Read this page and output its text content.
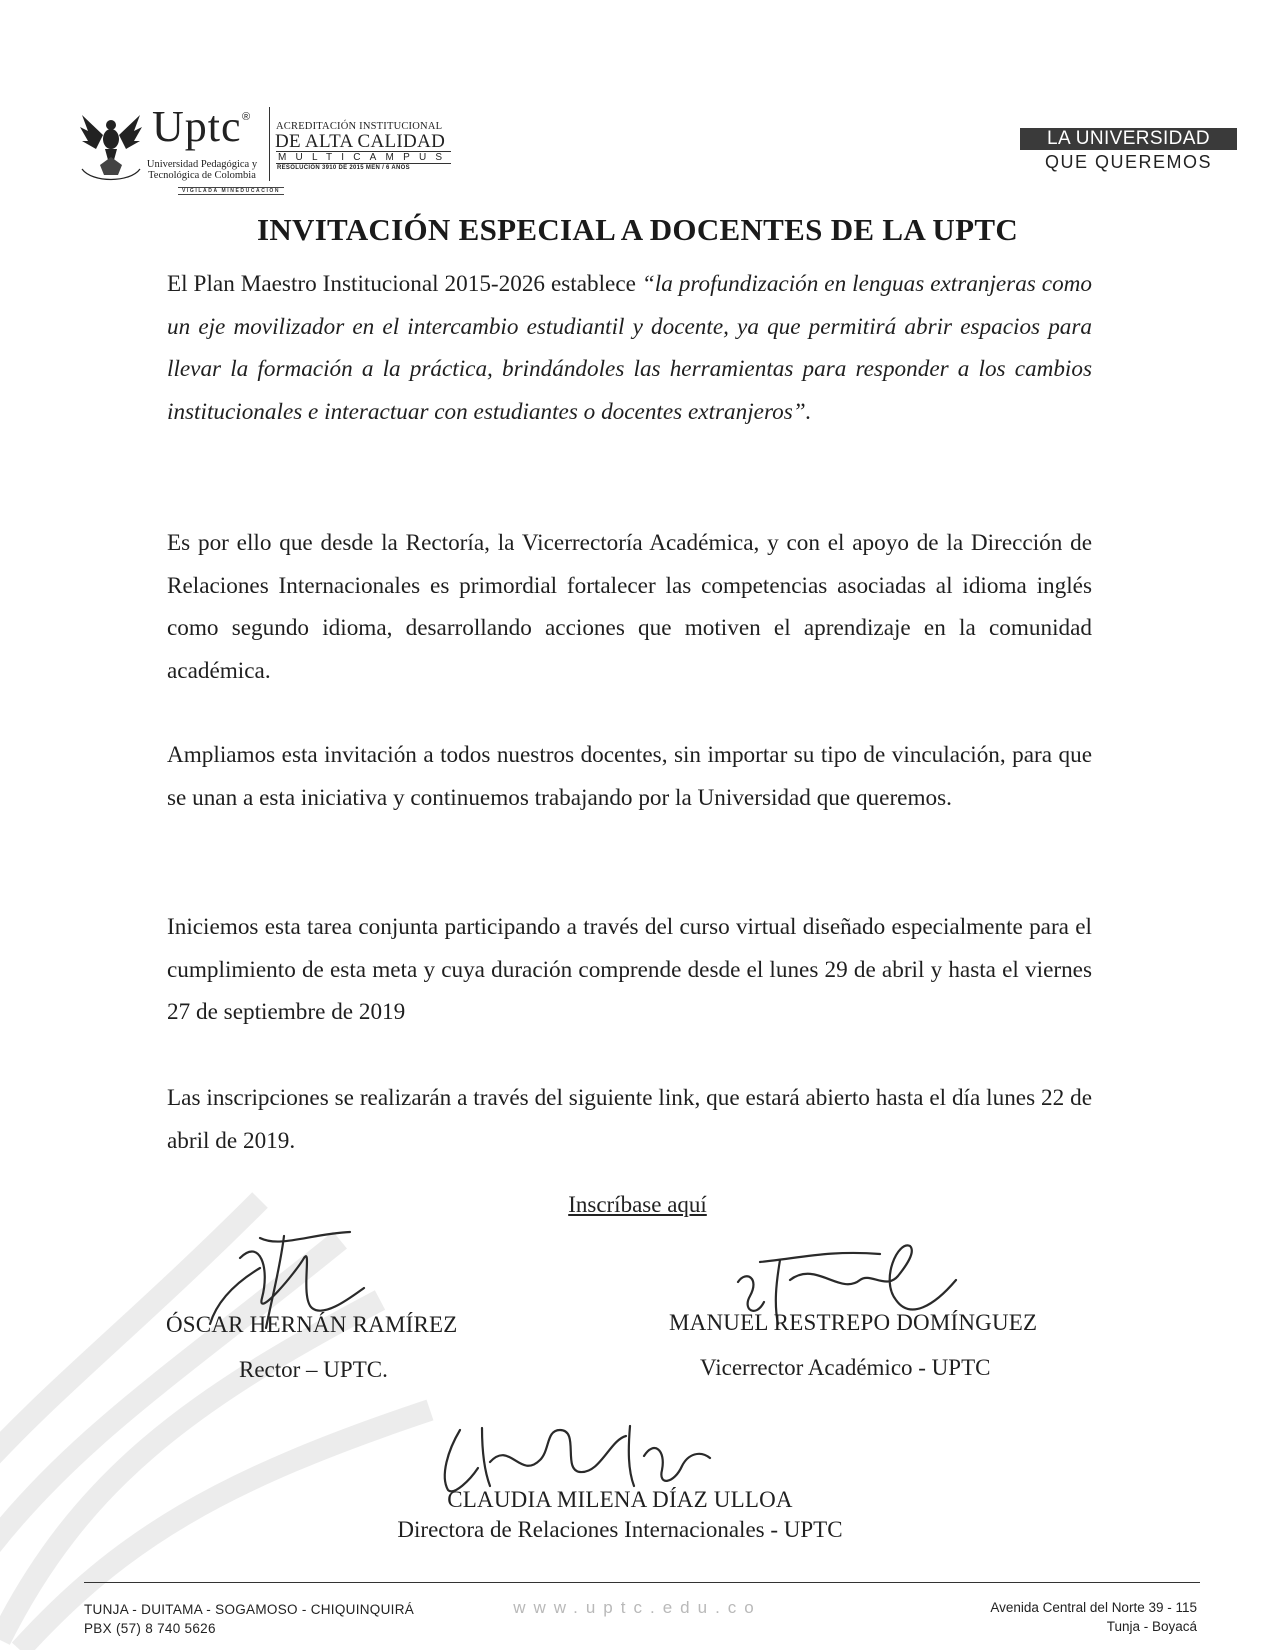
Uptc ®
Universidad Pedagógica y
Tecnológica de Colombia
ACREDITACIÓN INSTITUCIONAL
DE ALTA CALIDAD
MULTICAMPUS
RESOLUCIÓN 3910 DE 2015 MEN / 6 AÑOS
VIGILADA MINEDUCACIÓN
LA UNIVERSIDAD
QUE QUEREMOS
INVITACIÓN ESPECIAL A DOCENTES DE LA UPTC
El Plan Maestro Institucional 2015-2026 establece “la profundización en lenguas extranjeras como un eje movilizador en el intercambio estudiantil y docente, ya que permitirá abrir espacios para llevar la formación a la práctica, brindándoles las herramientas para responder a los cambios institucionales e interactuar con estudiantes o docentes extranjeros”.
Es por ello que desde la Rectoría, la Vicerrectoría Académica, y con el apoyo de la Dirección de Relaciones Internacionales es primordial fortalecer las competencias asociadas al idioma inglés como segundo idioma, desarrollando acciones que motiven el aprendizaje en la comunidad académica.
Ampliamos esta invitación a todos nuestros docentes, sin importar su tipo de vinculación, para que se unan a esta iniciativa y continuemos trabajando por la Universidad que queremos.
Iniciemos esta tarea conjunta participando a través del curso virtual diseñado especialmente para el cumplimiento de esta meta y cuya duración comprende desde el lunes 29 de abril y hasta el viernes 27 de septiembre de 2019
Las inscripciones se realizarán a través del siguiente link, que estará abierto hasta el día lunes 22 de abril de 2019.
Inscríbase aquí
ÓSCAR HERNÁN RAMÍREZ
Rector – UPTC.
MANUEL RESTREPO DOMÍNGUEZ
Vicerrector Académico - UPTC
CLAUDIA MILENA DÍAZ ULLOA
Directora de Relaciones Internacionales - UPTC
TUNJA - DUITAMA - SOGAMOSO - CHIQUINQUIRÁ
PBX (57) 8 740 5626
www.uptc.edu.co	Avenida Central del Norte 39 - 115
Tunja - Boyacá
